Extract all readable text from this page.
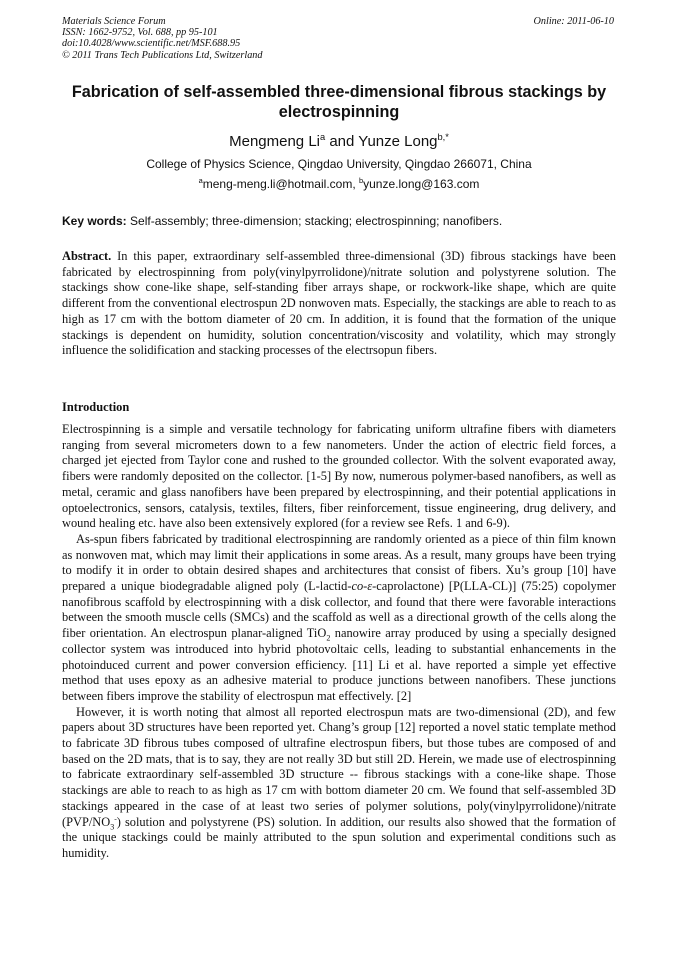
Materials Science Forum
ISSN: 1662-9752, Vol. 688, pp 95-101
doi:10.4028/www.scientific.net/MSF.688.95
© 2011 Trans Tech Publications Ltd, Switzerland
Online: 2011-06-10
Fabrication of self-assembled three-dimensional fibrous stackings by
electrospinning
Mengmeng Li$^a$ and Yunze Long$^{b,*}$
College of Physics Science, Qingdao University, Qingdao 266071, China
$^a$meng-meng.li@hotmail.com, $^b$yunze.long@163.com
Key words: Self-assembly; three-dimension; stacking; electrospinning; nanofibers.
Abstract. In this paper, extraordinary self-assembled three-dimensional (3D) fibrous stackings have been fabricated by electrospinning from poly(vinylpyrrolidone)/nitrate solution and polystyrene solution. The stackings show cone-like shape, self-standing fiber arrays shape, or rockwork-like shape, which are quite different from the conventional electrospun 2D nonwoven mats. Especially, the stackings are able to reach to as high as 17 cm with the bottom diameter of 20 cm. In addition, it is found that the formation of the unique stackings is dependent on humidity, solution concentration/viscosity and volatility, which may strongly influence the solidification and stacking processes of the electrsopun fibers.
Introduction

Electrospinning is a simple and versatile technology for fabricating uniform ultrafine fibers with diameters ranging from several micrometers down to a few nanometers. Under the action of electric field forces, a charged jet ejected from Taylor cone and rushed to the grounded collector. With the solvent evaporated away, fibers were randomly deposited on the collector. [1-5] By now, numerous polymer-based nanofibers, as well as metal, ceramic and glass nanofibers have been prepared by electrospinning, and their potential applications in optoelectronics, sensors, catalysis, textiles, filters, fiber reinforcement, tissue engineering, drug delivery, and wound healing etc. have also been extensively explored (for a review see Refs. 1 and 6-9).

As-spun fibers fabricated by traditional electrospinning are randomly oriented as a piece of thin film known as nonwoven mat, which may limit their applications in some areas. As a result, many groups have been trying to modify it in order to obtain desired shapes and architectures that consist of fibers. Xu’s group [10] have prepared a unique biodegradable aligned poly (L-lactid-co-ε-caprolactone) [P(LLA-CL)] (75:25) copolymer nanofibrous scaffold by electrospinning with a disk collector, and found that there were favorable interactions between the smooth muscle cells (SMCs) and the scaffold as well as a directional growth of the cells along the fiber orientation. An electrospun planar-aligned TiO$_2$ nanowire array produced by using a specially designed collector system was introduced into hybrid photovoltaic cells, leading to substantial enhancements in the photoinduced current and power conversion efficiency. [11] Li et al. have reported a simple yet effective method that uses epoxy as an adhesive material to produce junctions between nanofibers. These junctions between fibers improve the stability of electrospun mat effectively. [2]

However, it is worth noting that almost all reported electrospun mats are two-dimensional (2D), and few papers about 3D structures have been reported yet. Chang’s group [12] reported a novel static template method to fabricate 3D fibrous tubes composed of ultrafine electrospun fibers, but those tubes are composed of and based on the 2D mats, that is to say, they are not really 3D but still 2D. Herein, we made use of electrospinning to fabricate extraordinary self-assembled 3D structure -- fibrous stackings with a cone-like shape. Those stackings are able to reach to as high as 17 cm with bottom diameter 20 cm. We found that self-assembled 3D stackings appeared in the case of at least two series of polymer solutions, poly(vinylpyrrolidone)/nitrate $(PVP/NO_3^-)$ solution and polystyrene (PS) solution. In addition, our results also showed that the formation of the unique stackings could be mainly attributed to the spun solution and experimental conditions such as humidity.
